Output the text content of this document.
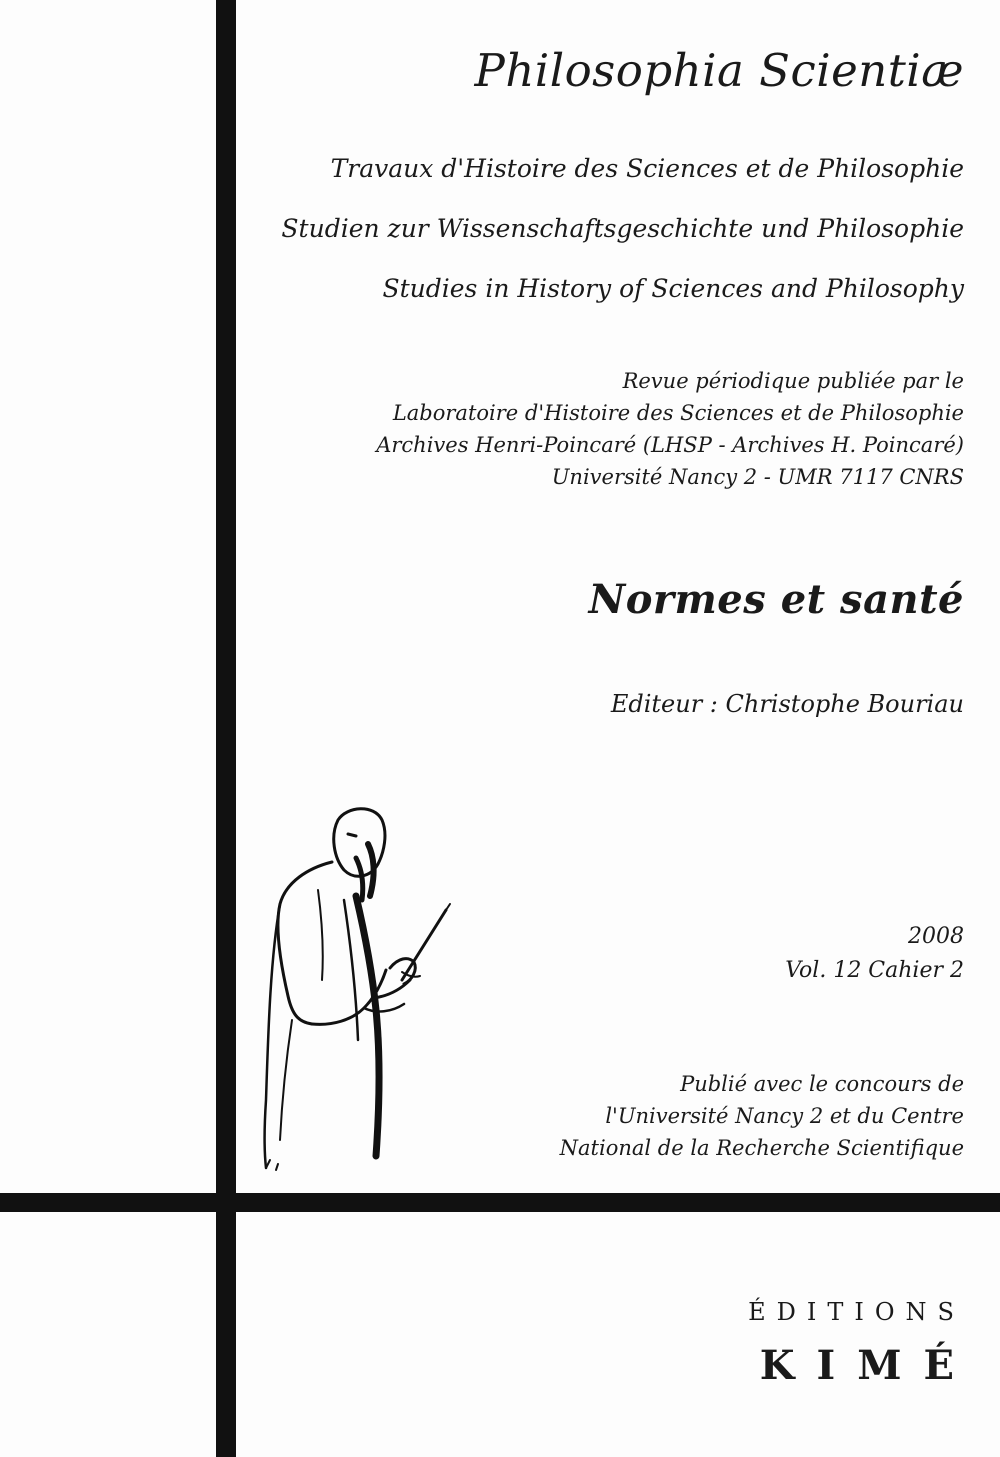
Philosophia Scientiæ
Travaux d'Histoire des Sciences et de Philosophie
Studien zur Wissenschaftsgeschichte und Philosophie
Studies in History of Sciences and Philosophy
Revue périodique publiée par le
Laboratoire d'Histoire des Sciences et de Philosophie
Archives Henri-Poincaré (LHSP - Archives H. Poincaré)
Université Nancy 2 - UMR 7117 CNRS
Normes et santé
Editeur : Christophe Bouriau
2008
Vol. 12 Cahier 2
Publié avec le concours de
l'Université Nancy 2 et du Centre
National de la Recherche Scientifique
ÉDITIONS
KIMÉ
